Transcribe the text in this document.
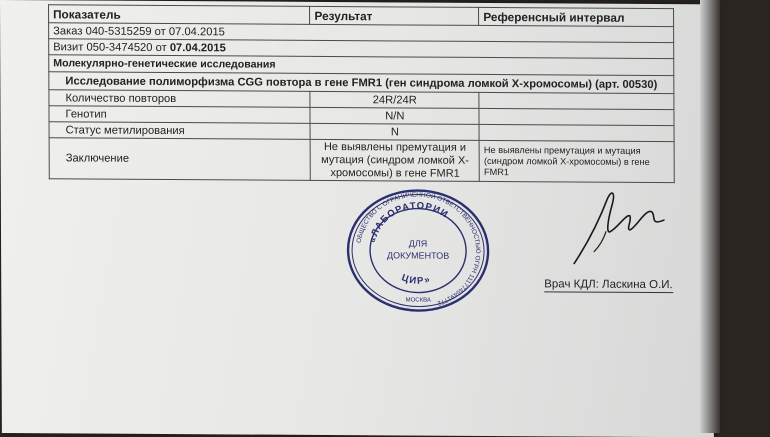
Показатель	Результат	Референсный интервал
Заказ 040-5315259 от 07.04.2015		
Визит 050-3474520 от 07.04.2015		
Молекулярно-генетические исследования		
Исследование полиморфизма CGG повтора в гене FMR1 (ген синдрома ломкой Х-хромосомы) (арт. 00530)		
Количество повторов	24R/24R	
Генотип	N/N	
Статус метилирования	N	
Заключение	Не выявлены премутация и мутация (синдром ломкой Х-хромосомы) в гене FMR1	Не выявлены премутация и мутация (синдром ломкой Х-хромосомы) в гене FMR1
ОБЩЕСТВО С ОГРАНИЧЕННОЙ ОТВЕТСТВЕННОСТЬЮ ОГРН 1117746491772
«ЛАБОРАТОРИИ
ЦИР»
ДЛЯ
ДОКУМЕНТОВ
МОСКВА
Врач КДЛ: Ласкина О.И.
